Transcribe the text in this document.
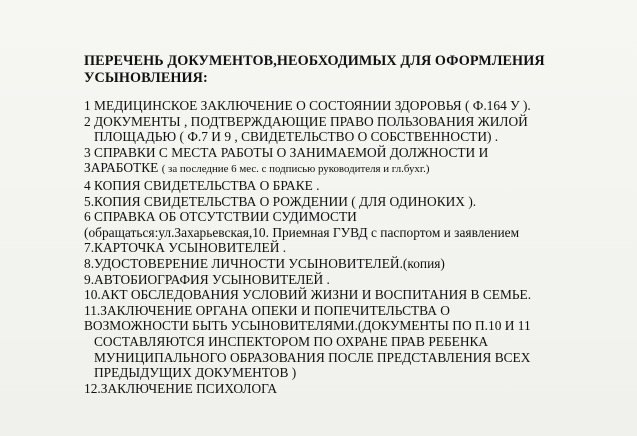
ПЕРЕЧЕНЬ ДОКУМЕНТОВ,НЕОБХОДИМЫХ ДЛЯ ОФОРМЛЕНИЯ
УСЫНОВЛЕНИЯ:
1 МЕДИЦИНСКОЕ ЗАКЛЮЧЕНИЕ О СОСТОЯНИИ ЗДОРОВЬЯ ( Ф.164 У ).
2 ДОКУМЕНТЫ , ПОДТВЕРЖДАЮЩИЕ ПРАВО ПОЛЬЗОВАНИЯ ЖИЛОЙ
ПЛОЩАДЬЮ ( Ф.7 И 9 , СВИДЕТЕЛЬСТВО О СОБСТВЕННОСТИ) .
3 СПРАВКИ С МЕСТА РАБОТЫ О ЗАНИМАЕМОЙ ДОЛЖНОСТИ И
ЗАРАБОТКЕ ( за последние 6 мес. с подписью руководителя и гл.бухг.)
4 КОПИЯ СВИДЕТЕЛЬСТВА О БРАКЕ .
5.КОПИЯ СВИДЕТЕЛЬСТВА О РОЖДЕНИИ ( ДЛЯ ОДИНОКИХ ).
6 СПРАВКА ОБ ОТСУТСТВИИ СУДИМОСТИ
(обращаться:ул.Захарьевская,10. Приемная ГУВД с паспортом и заявлением
7.КАРТОЧКА УСЫНОВИТЕЛЕЙ .
8.УДОСТОВЕРЕНИЕ ЛИЧНОСТИ УСЫНОВИТЕЛЕЙ.(копия)
9.АВТОБИОГРАФИЯ УСЫНОВИТЕЛЕЙ .
10.АКТ ОБСЛЕДОВАНИЯ УСЛОВИЙ ЖИЗНИ И ВОСПИТАНИЯ В СЕМЬЕ.
11.ЗАКЛЮЧЕНИЕ ОРГАНА ОПЕКИ И ПОПЕЧИТЕЛЬСТВА О
ВОЗМОЖНОСТИ БЫТЬ УСЫНОВИТЕЛЯМИ.(ДОКУМЕНТЫ ПО П.10 И 11
СОСТАВЛЯЮТСЯ ИНСПЕКТОРОМ ПО ОХРАНЕ ПРАВ РЕБЕНКА
МУНИЦИПАЛЬНОГО ОБРАЗОВАНИЯ ПОСЛЕ ПРЕДСТАВЛЕНИЯ ВСЕХ
ПРЕДЫДУЩИХ ДОКУМЕНТОВ )
12.ЗАКЛЮЧЕНИЕ ПСИХОЛОГА
